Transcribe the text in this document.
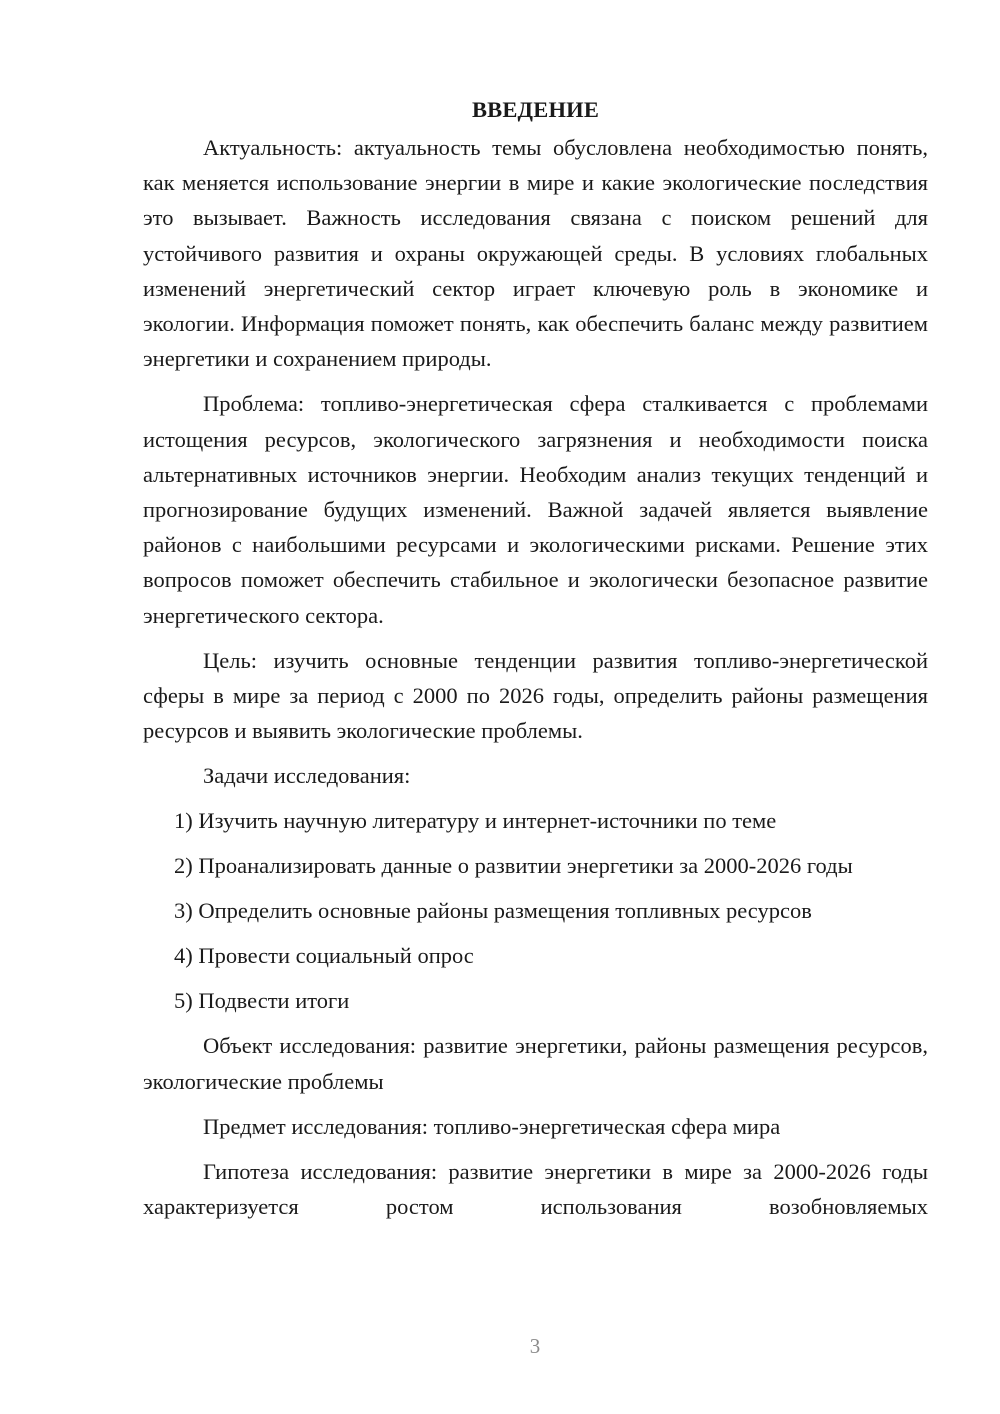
ВВЕДЕНИЕ

Актуальность: актуальность темы обусловлена необходимостью понять, как меняется использование энергии в мире и какие экологические последствия это вызывает. Важность исследования связана с поиском решений для устойчивого развития и охраны окружающей среды. В условиях глобальных изменений энергетический сектор играет ключевую роль в экономике и экологии. Информация поможет понять, как обеспечить баланс между развитием энергетики и сохранением природы.

Проблема: топливо-энергетическая сфера сталкивается с проблемами истощения ресурсов, экологического загрязнения и необходимости поиска альтернативных источников энергии. Необходим анализ текущих тенденций и прогнозирование будущих изменений. Важной задачей является выявление районов с наибольшими ресурсами и экологическими рисками. Решение этих вопросов поможет обеспечить стабильное и экологически безопасное развитие энергетического сектора.

Цель: изучить основные тенденции развития топливо-энергетической сферы в мире за период с 2000 по 2026 годы, определить районы размещения ресурсов и выявить экологические проблемы.

Задачи исследования:
1) Изучить научную литературу и интернет-источники по теме
2) Проанализировать данные о развитии энергетики за 2000-2026 годы
3) Определить основные районы размещения топливных ресурсов
4) Провести социальный опрос
5) Подвести итоги

Объект исследования: развитие энергетики, районы размещения ресурсов, экологические проблемы

Предмет исследования: топливо-энергетическая сфера мира

Гипотеза исследования: развитие энергетики в мире за 2000-2026 годы характеризуется ростом использования возобновляемых

3
